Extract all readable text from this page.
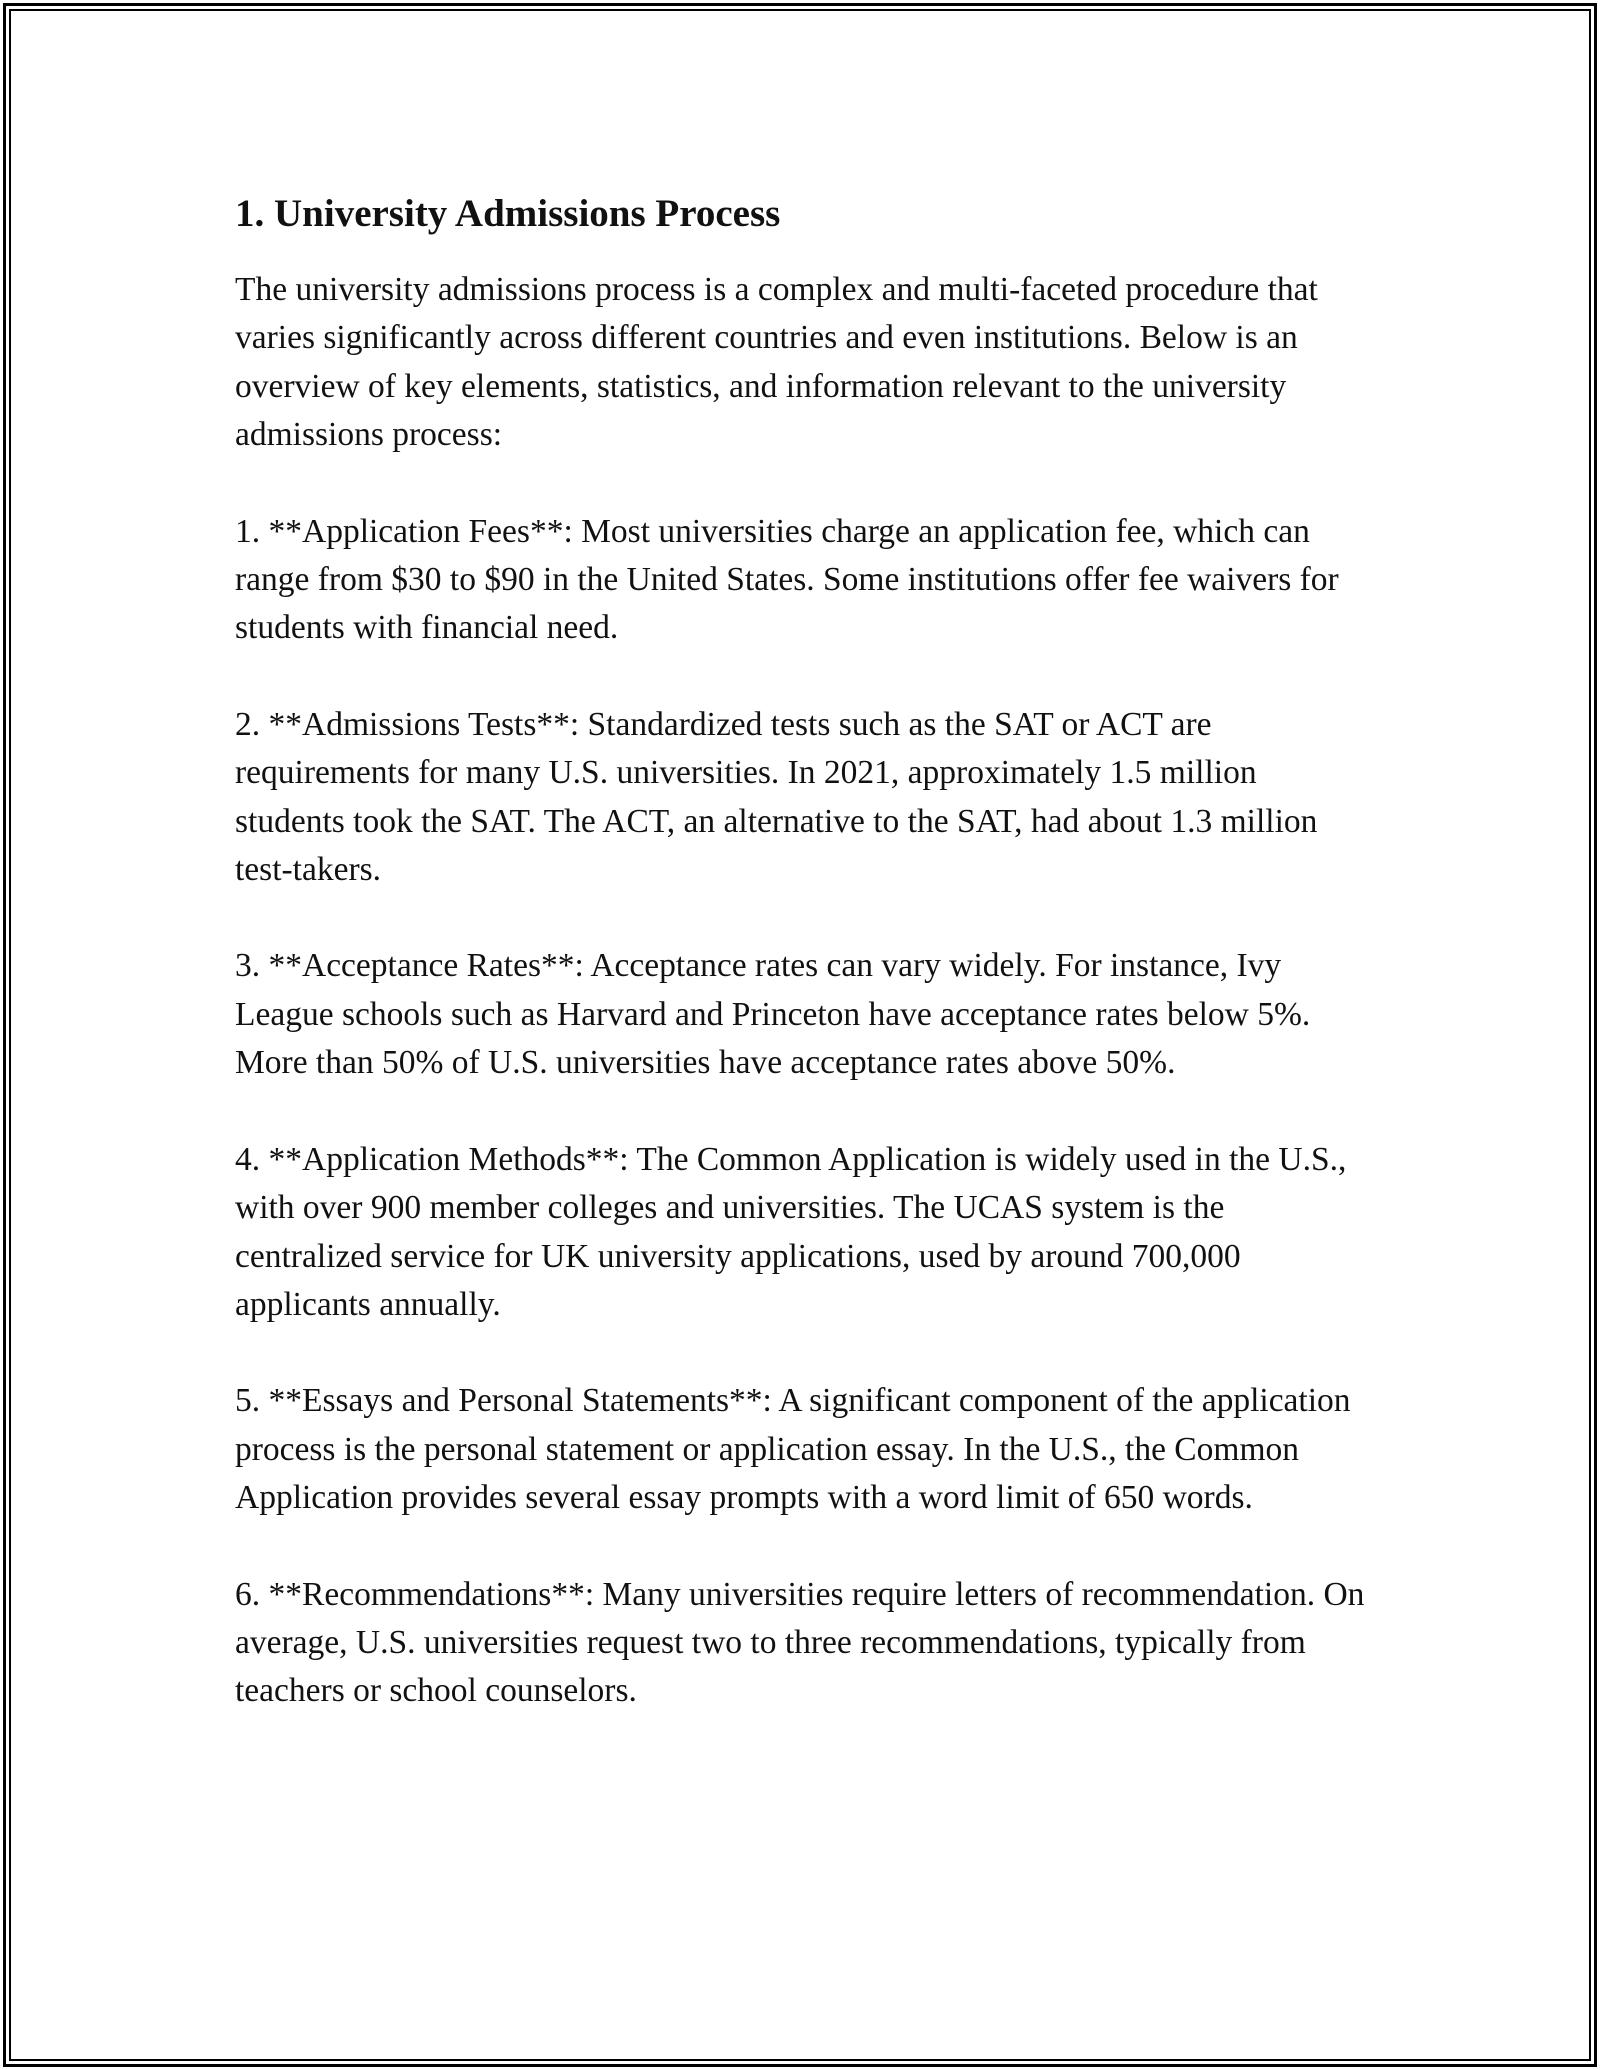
1. University Admissions Process

The university admissions process is a complex and multi-faceted procedure that varies significantly across different countries and even institutions. Below is an overview of key elements, statistics, and information relevant to the university admissions process:

1. **Application Fees**: Most universities charge an application fee, which can range from $30 to $90 in the United States. Some institutions offer fee waivers for students with financial need.

2. **Admissions Tests**: Standardized tests such as the SAT or ACT are requirements for many U.S. universities. In 2021, approximately 1.5 million students took the SAT. The ACT, an alternative to the SAT, had about 1.3 million test-takers.

3. **Acceptance Rates**: Acceptance rates can vary widely. For instance, Ivy League schools such as Harvard and Princeton have acceptance rates below 5%. More than 50% of U.S. universities have acceptance rates above 50%.

4. **Application Methods**: The Common Application is widely used in the U.S., with over 900 member colleges and universities. The UCAS system is the centralized service for UK university applications, used by around 700,000 applicants annually.

5. **Essays and Personal Statements**: A significant component of the application process is the personal statement or application essay. In the U.S., the Common Application provides several essay prompts with a word limit of 650 words.

6. **Recommendations**: Many universities require letters of recommendation. On average, U.S. universities request two to three recommendations, typically from teachers or school counselors.
